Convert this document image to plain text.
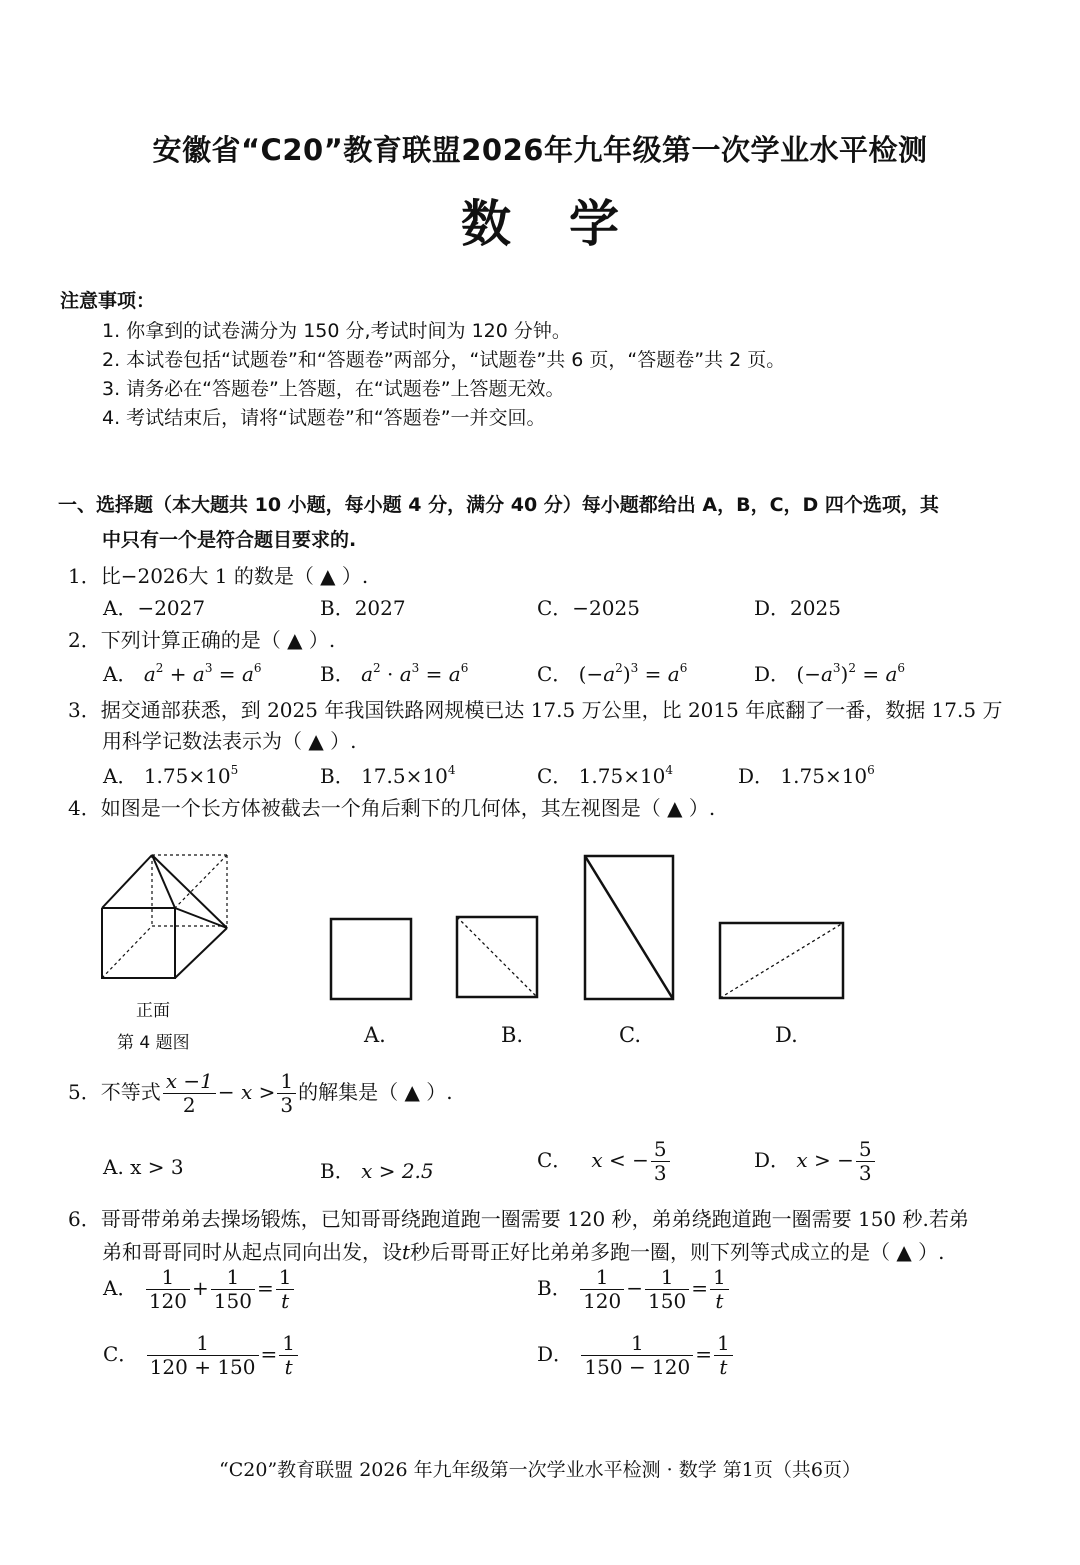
安徽省“C20”教育联盟2026年九年级第一次学业水平检测
数学
注意事项：
1. 你拿到的试卷满分为 150 分,考试时间为 120 分钟。
2. 本试卷包括“试题卷”和“答题卷”两部分，“试题卷”共 6 页，“答题卷”共 2 页。
3. 请务必在“答题卷”上答题，在“试题卷”上答题无效。
4. 考试结束后，请将“试题卷”和“答题卷”一并交回。
一、选择题（本大题共 10 小题，每小题 4 分，满分 40 分）每小题都给出 A，B，C，D 四个选项，其
中只有一个是符合题目要求的.
1．比−2026大 1 的数是（ ▲ ）.
A．−2027	B．2027	C．−2025	D．2025
2．下列计算正确的是（ ▲ ）.
A． $a^2 + a^3 = a^6$	B． $a^2 \cdot a^3 = a^6$	C． $(-a^2)^3 = a^6$	D． $(-a^3)^2 = a^6$
3．据交通部获悉，到 2025 年我国铁路网规模已达 17.5 万公里，比 2015 年底翻了一番，数据 17.5 万
用科学记数法表示为（ ▲ ）.
A． $1.75\times 10^5$	B． $17.5\times 10^4$	C． $1.75\times 10^4$	D． $1.75\times 10^6$
4．如图是一个长方体被截去一个角后剩下的几何体，其左视图是（ ▲ ）.
正面
第 4 题图	A.	B.	C.	D.
5．不等式 $\frac{x -1}{2} - x > \frac{1}{3}$ 的解集是（ ▲ ）.
A. x > 3	B． x > 2.5	C． x < − $\frac{5}{3}$	D． x > − $\frac{5}{3}$
6．哥哥带弟弟去操场锻炼，已知哥哥绕跑道跑一圈需要 120 秒，弟弟绕跑道跑一圈需要 150 秒.若弟
弟和哥哥同时从起点同向出发，设t秒后哥哥正好比弟弟多跑一圈，则下列等式成立的是（ ▲ ）.
A． $\frac{1}{120} + \frac{1}{150} = \frac{1}{t}$	B． $\frac{1}{120} - \frac{1}{150} = \frac{1}{t}$
C． $\frac{1}{120 + 150} = \frac{1}{t}$	D． $\frac{1}{150 - 120} = \frac{1}{t}$
“C20”教育联盟 2026 年九年级第一次学业水平检测 · 数学 第1页（共6页）
